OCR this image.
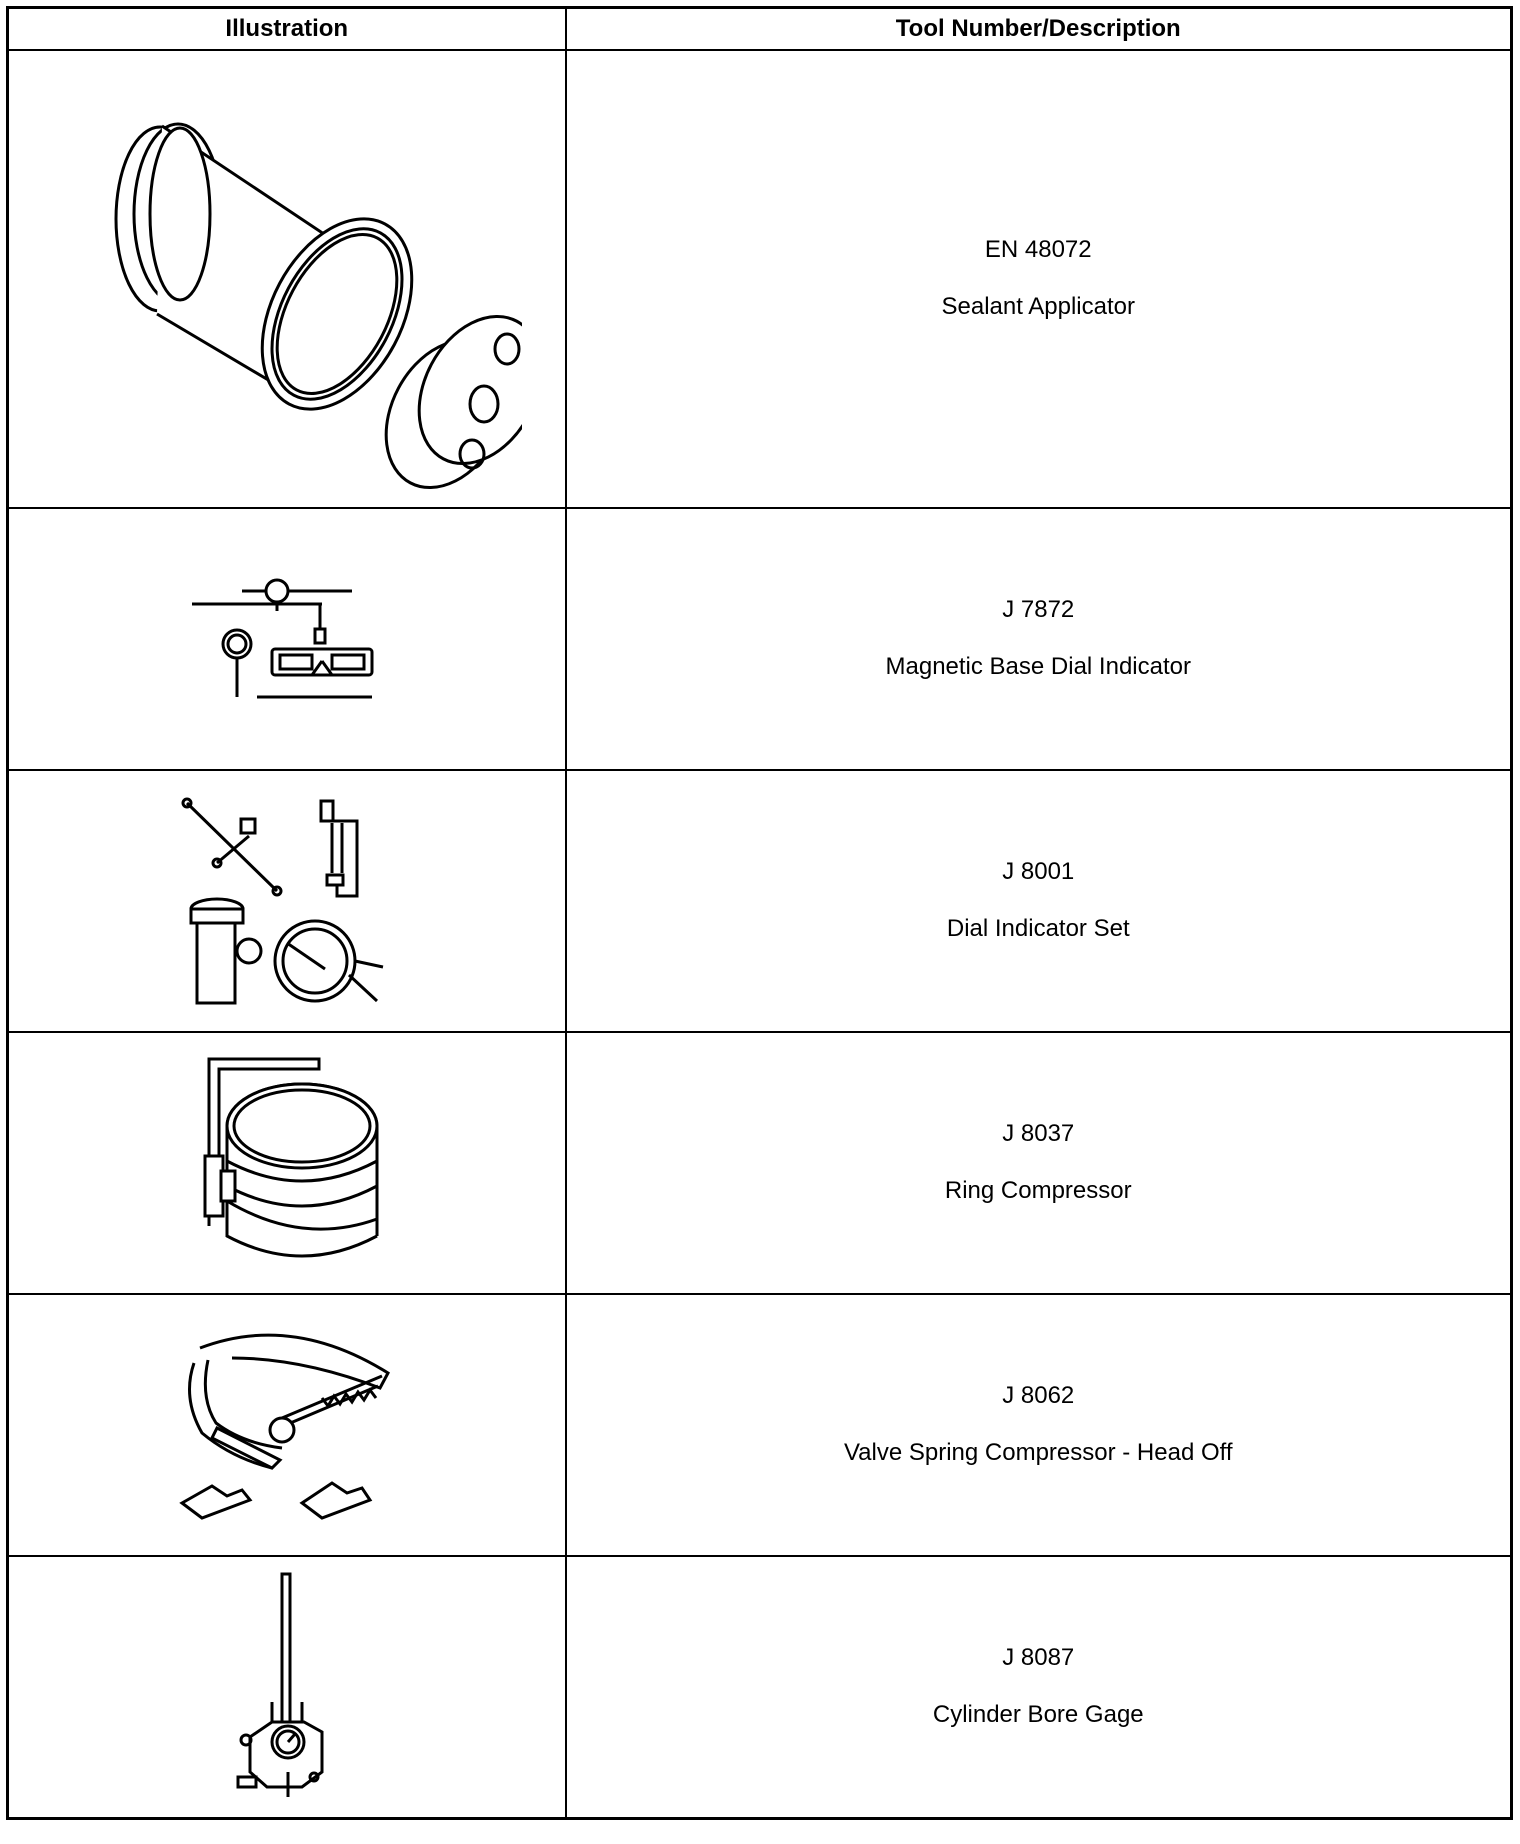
Illustration	Tool Number/Description

EN 48072
Sealant Applicator

J 7872
Magnetic Base Dial Indicator

J 8001
Dial Indicator Set

J 8037
Ring Compressor

J 8062
Valve Spring Compressor - Head Off

J 8087
Cylinder Bore Gage
